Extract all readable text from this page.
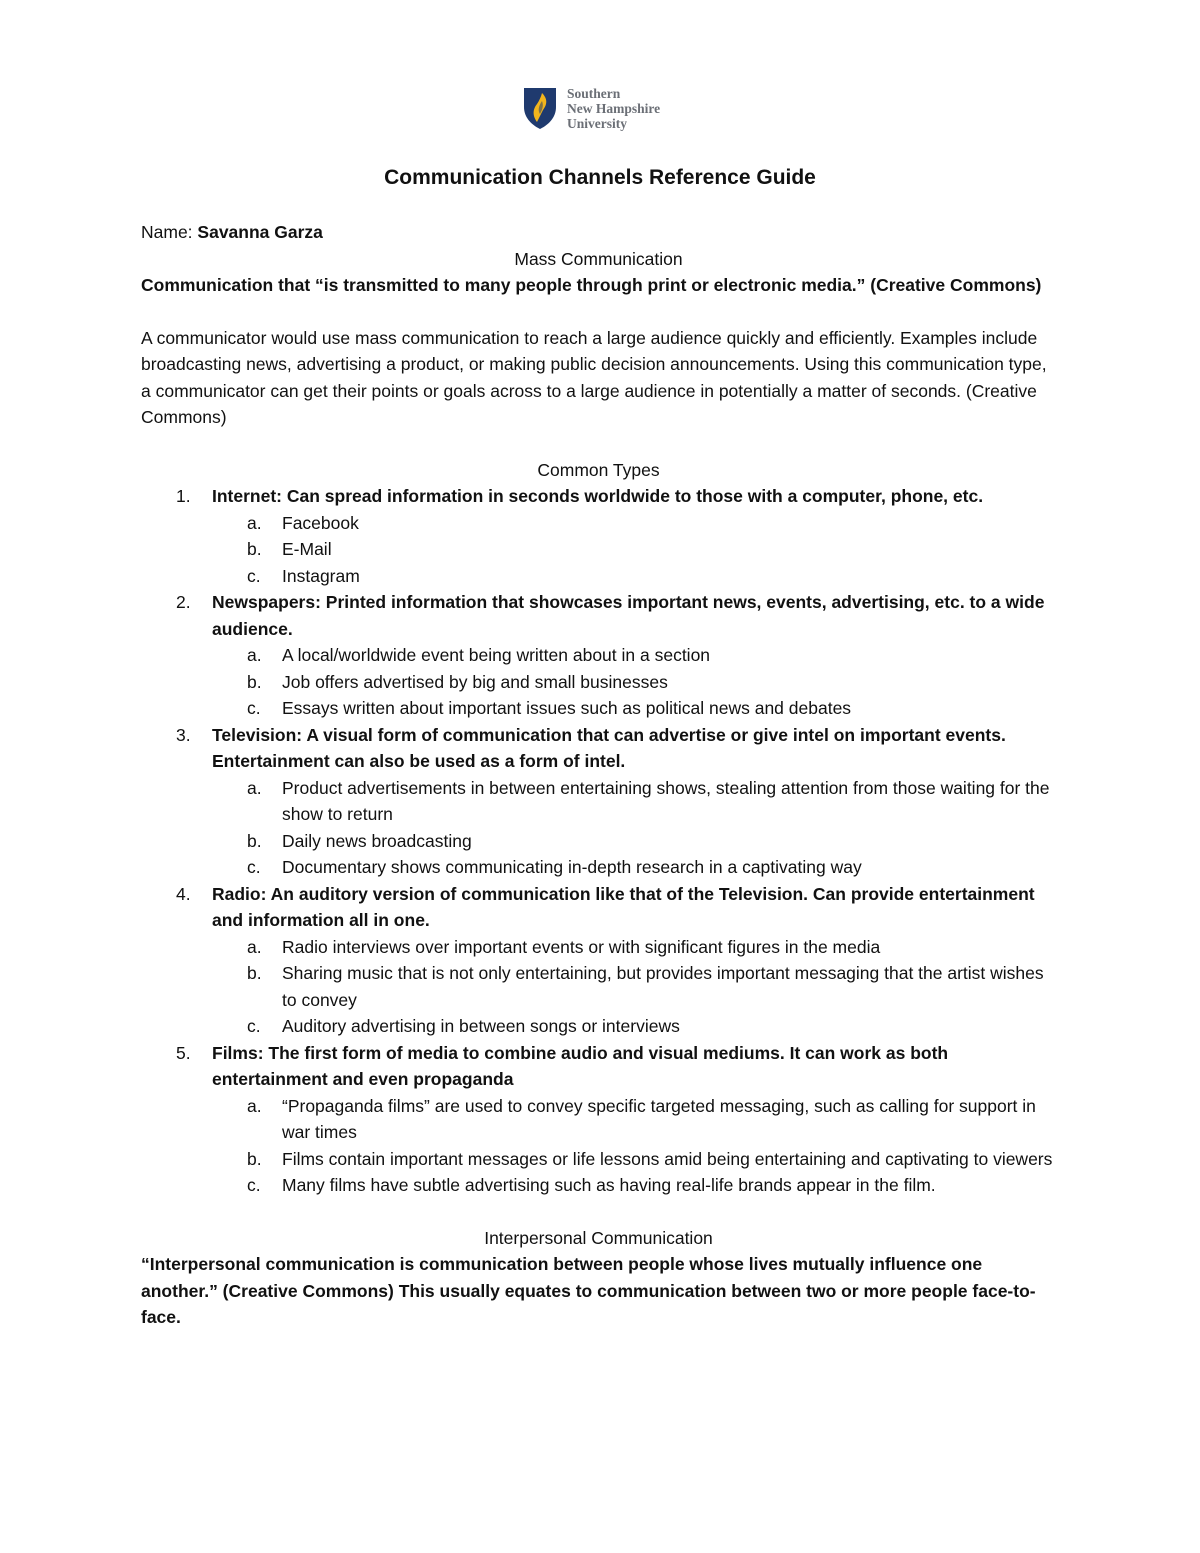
Southern
New Hampshire
University
Communication Channels Reference Guide

Name: Savanna Garza

Mass Communication

Communication that “is transmitted to many people through print or electronic media.” (Creative Commons)

A communicator would use mass communication to reach a large audience quickly and efficiently. Examples include broadcasting news, advertising a product, or making public decision announcements. Using this communication type, a communicator can get their points or goals across to a large audience in potentially a matter of seconds. (Creative Commons)

Common Types

1. Internet: Can spread information in seconds worldwide to those with a computer, phone, etc.
a. Facebook
b. E-Mail
c. Instagram
2. Newspapers: Printed information that showcases important news, events, advertising, etc. to a wide audience.
a. A local/worldwide event being written about in a section
b. Job offers advertised by big and small businesses
c. Essays written about important issues such as political news and debates
3. Television: A visual form of communication that can advertise or give intel on important events. Entertainment can also be used as a form of intel.
a. Product advertisements in between entertaining shows, stealing attention from those waiting for the show to return
b. Daily news broadcasting
c. Documentary shows communicating in-depth research in a captivating way
4. Radio: An auditory version of communication like that of the Television. Can provide entertainment and information all in one.
a. Radio interviews over important events or with significant figures in the media
b. Sharing music that is not only entertaining, but provides important messaging that the artist wishes to convey
c. Auditory advertising in between songs or interviews
5. Films: The first form of media to combine audio and visual mediums. It can work as both entertainment and even propaganda
a. “Propaganda films” are used to convey specific targeted messaging, such as calling for support in war times
b. Films contain important messages or life lessons amid being entertaining and captivating to viewers
c. Many films have subtle advertising such as having real-life brands appear in the film.

Interpersonal Communication

“Interpersonal communication is communication between people whose lives mutually influence one another.” (Creative Commons) This usually equates to communication between two or more people face-to-face.
